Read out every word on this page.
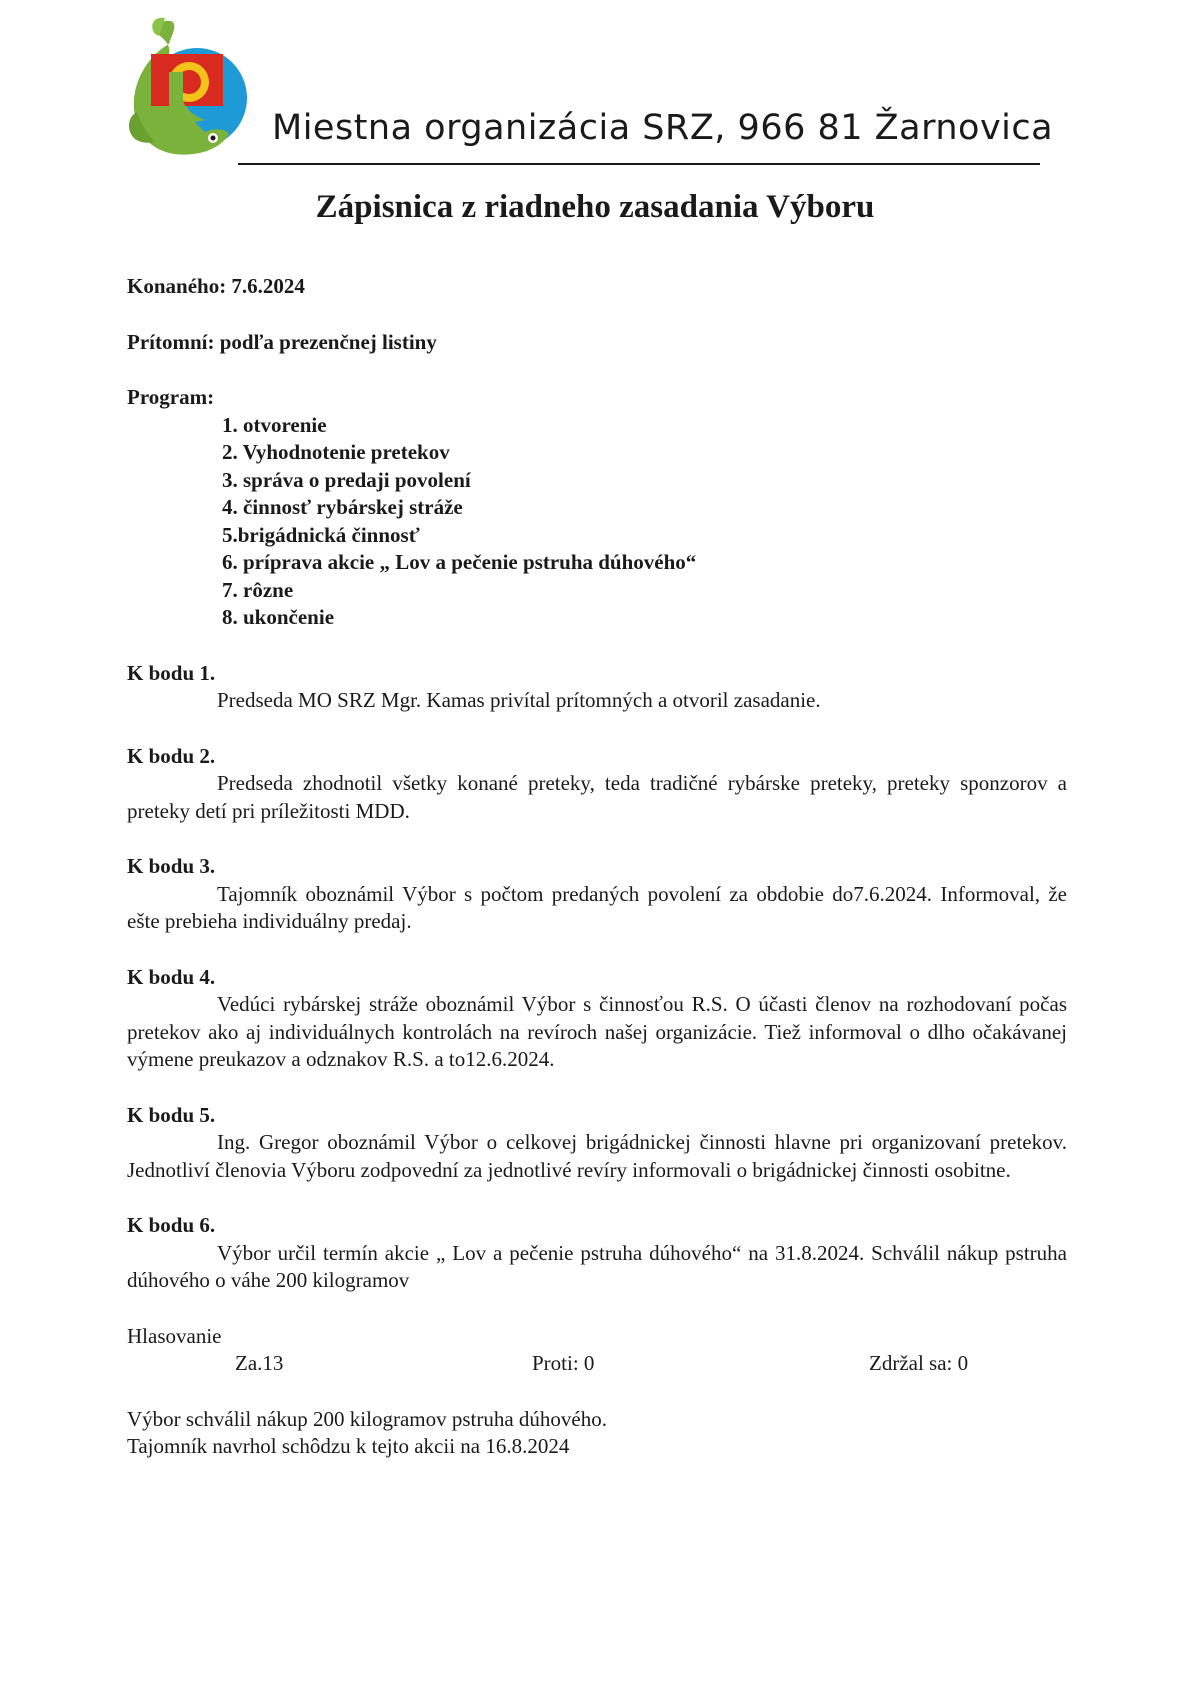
Miestna organizácia SRZ, 966 81 Žarnovica
Zápisnica z riadneho zasadania Výboru
Konaného: 7.6.2024
Prítomní: podľa prezenčnej listiny
Program:
1. otvorenie
2. Vyhodnotenie pretekov
3. správa o predaji povolení
4. činnosť rybárskej stráže
5.brigádnická činnosť
6. príprava akcie „ Lov a pečenie pstruha dúhového“
7. rôzne
8. ukončenie
K bodu 1.

Predseda MO SRZ Mgr. Kamas privítal prítomných a otvoril zasadanie.

K bodu 2.

Predseda zhodnotil všetky konané preteky, teda tradičné rybárske preteky, preteky sponzorov a preteky detí pri príležitosti MDD.

K bodu 3.

Tajomník oboznámil Výbor s počtom predaných povolení za obdobie do7.6.2024. Informoval, že ešte prebieha individuálny predaj.

K bodu 4.

Vedúci rybárskej stráže oboznámil Výbor s činnosťou R.S. O účasti členov na rozhodovaní počas pretekov ako aj individuálnych kontrolách na revíroch našej organizácie. Tiež informoval o dlho očakávanej výmene preukazov a odznakov R.S. a to12.6.2024.

K bodu 5.

Ing. Gregor oboznámil Výbor o celkovej brigádnickej činnosti hlavne pri organizovaní pretekov. Jednotliví členovia Výboru zodpovední za jednotlivé revíry informovali o brigádnickej činnosti osobitne.

K bodu 6.

Výbor určil termín akcie „ Lov a pečenie pstruha dúhového“ na 31.8.2024. Schválil nákup pstruha dúhového o váhe 200 kilogramov

Hlasovanie
Za.13	Proti: 0	Zdržal sa: 0
Výbor schválil nákup 200 kilogramov pstruha dúhového.
Tajomník navrhol schôdzu k tejto akcii na 16.8.2024
